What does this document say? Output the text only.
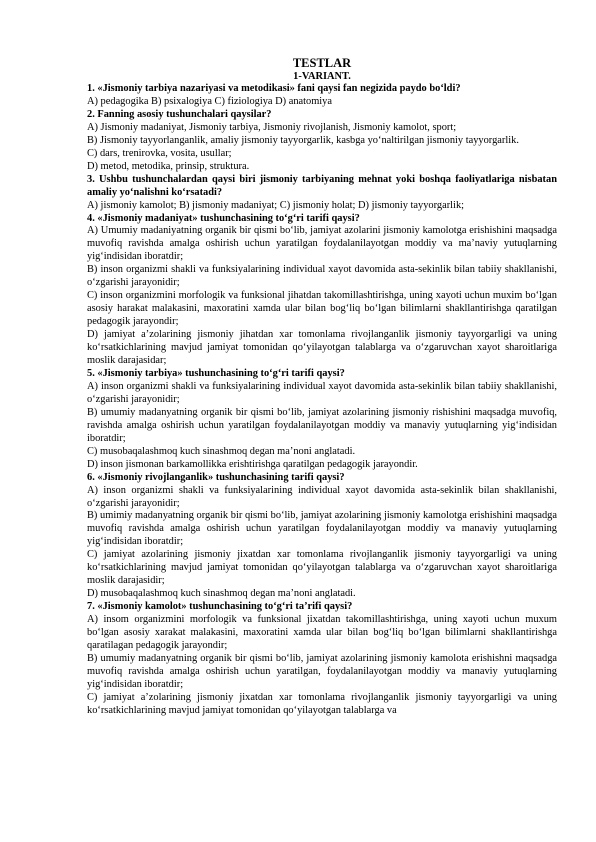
TESTLAR

1-VARIANT.

1. «Jismoniy tarbiya nazariyasi va metodikasi» fani qaysi fan negizida paydo bo‘ldi?

A) pedagogika B) psixalogiya C) fiziologiya D) anatomiya

2. Fanning asosiy tushunchalari qaysilar?

A) Jismoniy madaniyat, Jismoniy tarbiya, Jismoniy rivojlanish, Jismoniy kamolot, sport;

B) Jismoniy tayyorlanganlik, amaliy jismoniy tayyorgarlik, kasbga yo‘naltirilgan jismoniy tayyorgarlik.

C) dars, trenirovka, vosita, usullar;

D) metod, metodika, prinsip, struktura.

3. Ushbu tushunchalardan qaysi biri jismoniy tarbiyaning mehnat yoki boshqa faoliyatlariga nisbatan amaliy yo‘nalishni ko‘rsatadi?

A) jismoniy kamolot; B) jismoniy madaniyat; C) jismoniy holat; D) jismoniy tayyorgarlik;

4. «Jismoniy madaniyat» tushunchasining to‘g‘ri tarifi qaysi?

A) Umumiy madaniyatning organik bir qismi bo‘lib, jamiyat azolarini jismoniy kamolotga erishishini maqsadga muvofiq ravishda amalga oshirish uchun yaratilgan foydalanilayotgan moddiy va ma’naviy yutuqlarning yig‘indisidan iboratdir;

B) inson organizmi shakli va funksiyalarining individual xayot davomida asta-sekinlik bilan tabiiy shakllanishi, o‘zgarishi jarayonidir;

C) inson organizmini morfologik va funksional jihatdan takomillashtirishga, uning xayoti uchun muxim bo‘lgan asosiy harakat malakasini, maxoratini xamda ular bilan bog‘liq bo‘lgan bilimlarni shakllantirishga qaratilgan pedagogik jarayondir;

D) jamiyat a’zolarining jismoniy jihatdan xar tomonlama rivojlanganlik jismoniy tayyorgarligi va uning ko‘rsatkichlarining mavjud jamiyat tomonidan qo‘yilayotgan talablarga va o‘zgaruvchan xayot sharoitlariga moslik darajasidar;

5. «Jismoniy tarbiya» tushunchasining to‘g‘ri tarifi qaysi?

A) inson organizmi shakli va funksiyalarining individual xayot davomida asta-sekinlik bilan tabiiy shakllanishi, o‘zgarishi jarayonidir;

B) umumiy madanyatning organik bir qismi bo‘lib, jamiyat azolarining jismoniy rishishini maqsadga muvofiq, ravishda amalga oshirish uchun yaratilgan foydalanilayotgan moddiy va manaviy yutuqlarning yig‘indisidan iboratdir;

C) musobaqalashmoq kuch sinashmoq degan ma’noni anglatadi.

D) inson jismonan barkamollikka erishtirishga qaratilgan pedagogik jarayondir.

6. «Jismoniy rivojlanganlik» tushunchasining tarifi qaysi?

A) inson organizmi shakli va funksiyalarining individual xayot davomida asta-sekinlik bilan shakllanishi, o‘zgarishi jarayonidir;

B) umimiy madanyatning organik bir qismi bo‘lib, jamiyat azolarining jismoniy kamolotga erishishini maqsadga muvofiq ravishda amalga oshirish uchun yaratilgan foydalanilayotgan moddiy va manaviy yutuqlarning yig‘indisidan iboratdir;

C) jamiyat azolarining jismoniy jixatdan xar tomonlama rivojlanganlik jismoniy tayyorgarligi va uning ko‘rsatkichlarining mavjud jamiyat tomonidan qo‘yilayotgan talablarga va o‘zgaruvchan xayot sharoitlariga moslik darajasidir;

D) musobaqalashmoq kuch sinashmoq degan ma’noni anglatadi.

7. «Jismoniy kamolot» tushunchasining to‘g‘ri ta’rifi qaysi?

A) insom organizmini morfologik va funksional jixatdan takomillashtirishga, uning xayoti uchun muxum bo‘lgan asosiy xarakat malakasini, maxoratini xamda ular bilan bog‘liq bo‘lgan bilimlarni shakllantirishga qaratilagan pedagogik jarayondir;

B) umumiy madanyatning organik bir qismi bo‘lib, jamiyat azolarining jismoniy kamolota erishishni maqsadga muvofiq ravishda amalga oshirish uchun yaratilgan, foydalanilayotgan moddiy va manaviy yutuqlarning yig‘indisidan iboratdir;

C) jamiyat a’zolarining jismoniy jixatdan xar tomonlama rivojlanganlik jismoniy tayyorgarligi va uning ko‘rsatkichlarining mavjud jamiyat tomonidan qo‘yilayotgan talablarga va
